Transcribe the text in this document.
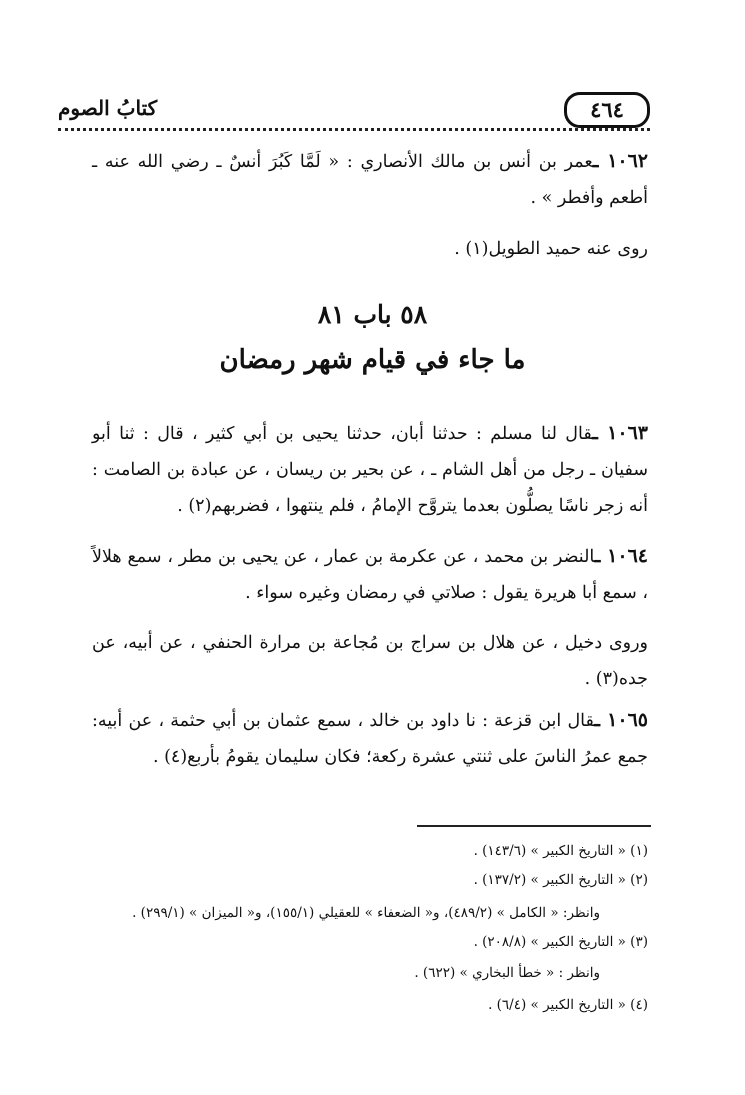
٤٦٤
كتابُ الصوم
١٠٦٢ ـعمر بن أنس بن مالك الأنصاري : « لَمَّا كَبُرَ أنسٌ ـ رضي الله عنه ـ أطعم وأفطر » .
روى عنه حميد الطويل(١) .
٥٨ باب ٨١
ما جاء في قيام شهر رمضان
١٠٦٣ ـقال لنا مسلم : حدثنا أبان، حدثنا يحيى بن أبي كثير ، قال : ثنا أبو سفيان ـ رجل من أهل الشام ـ ، عن بحير بن ريسان ، عن عبادة بن الصامت : أنه زجر ناسًا يصلُّون بعدما يتروَّح الإمامُ ، فلم ينتهوا ، فضربهم(٢) .
١٠٦٤ ـالنضر بن محمد ، عن عكرمة بن عمار ، عن يحيى بن مطر ، سمع هلالاً ، سمع أبا هريرة يقول : صلاتي في رمضان وغيره سواء .
وروى دخيل ، عن هلال بن سراج بن مُجاعة بن مرارة الحنفي ، عن أبيه، عن جده(٣) .
١٠٦٥ ـقال ابن قزعة : نا داود بن خالد ، سمع عثمان بن أبي حثمة ، عن أبيه: جمع عمرُ الناسَ على ثنتي عشرة ركعة؛ فكان سليمان يقومُ بأربع(٤) .
(١) « التاريخ الكبير » (١٤٣/٦) .
(٢) « التاريخ الكبير » (١٣٧/٢) .
وانظر: « الكامل » (٤٨٩/٢)، و« الضعفاء » للعقيلي (١٥٥/١)، و« الميزان » (٢٩٩/١) .
(٣) « التاريخ الكبير » (٢٠٨/٨) .
وانظر : « خطأ البخاري » (٦٢٢) .
(٤) « التاريخ الكبير » (٦/٤) .
